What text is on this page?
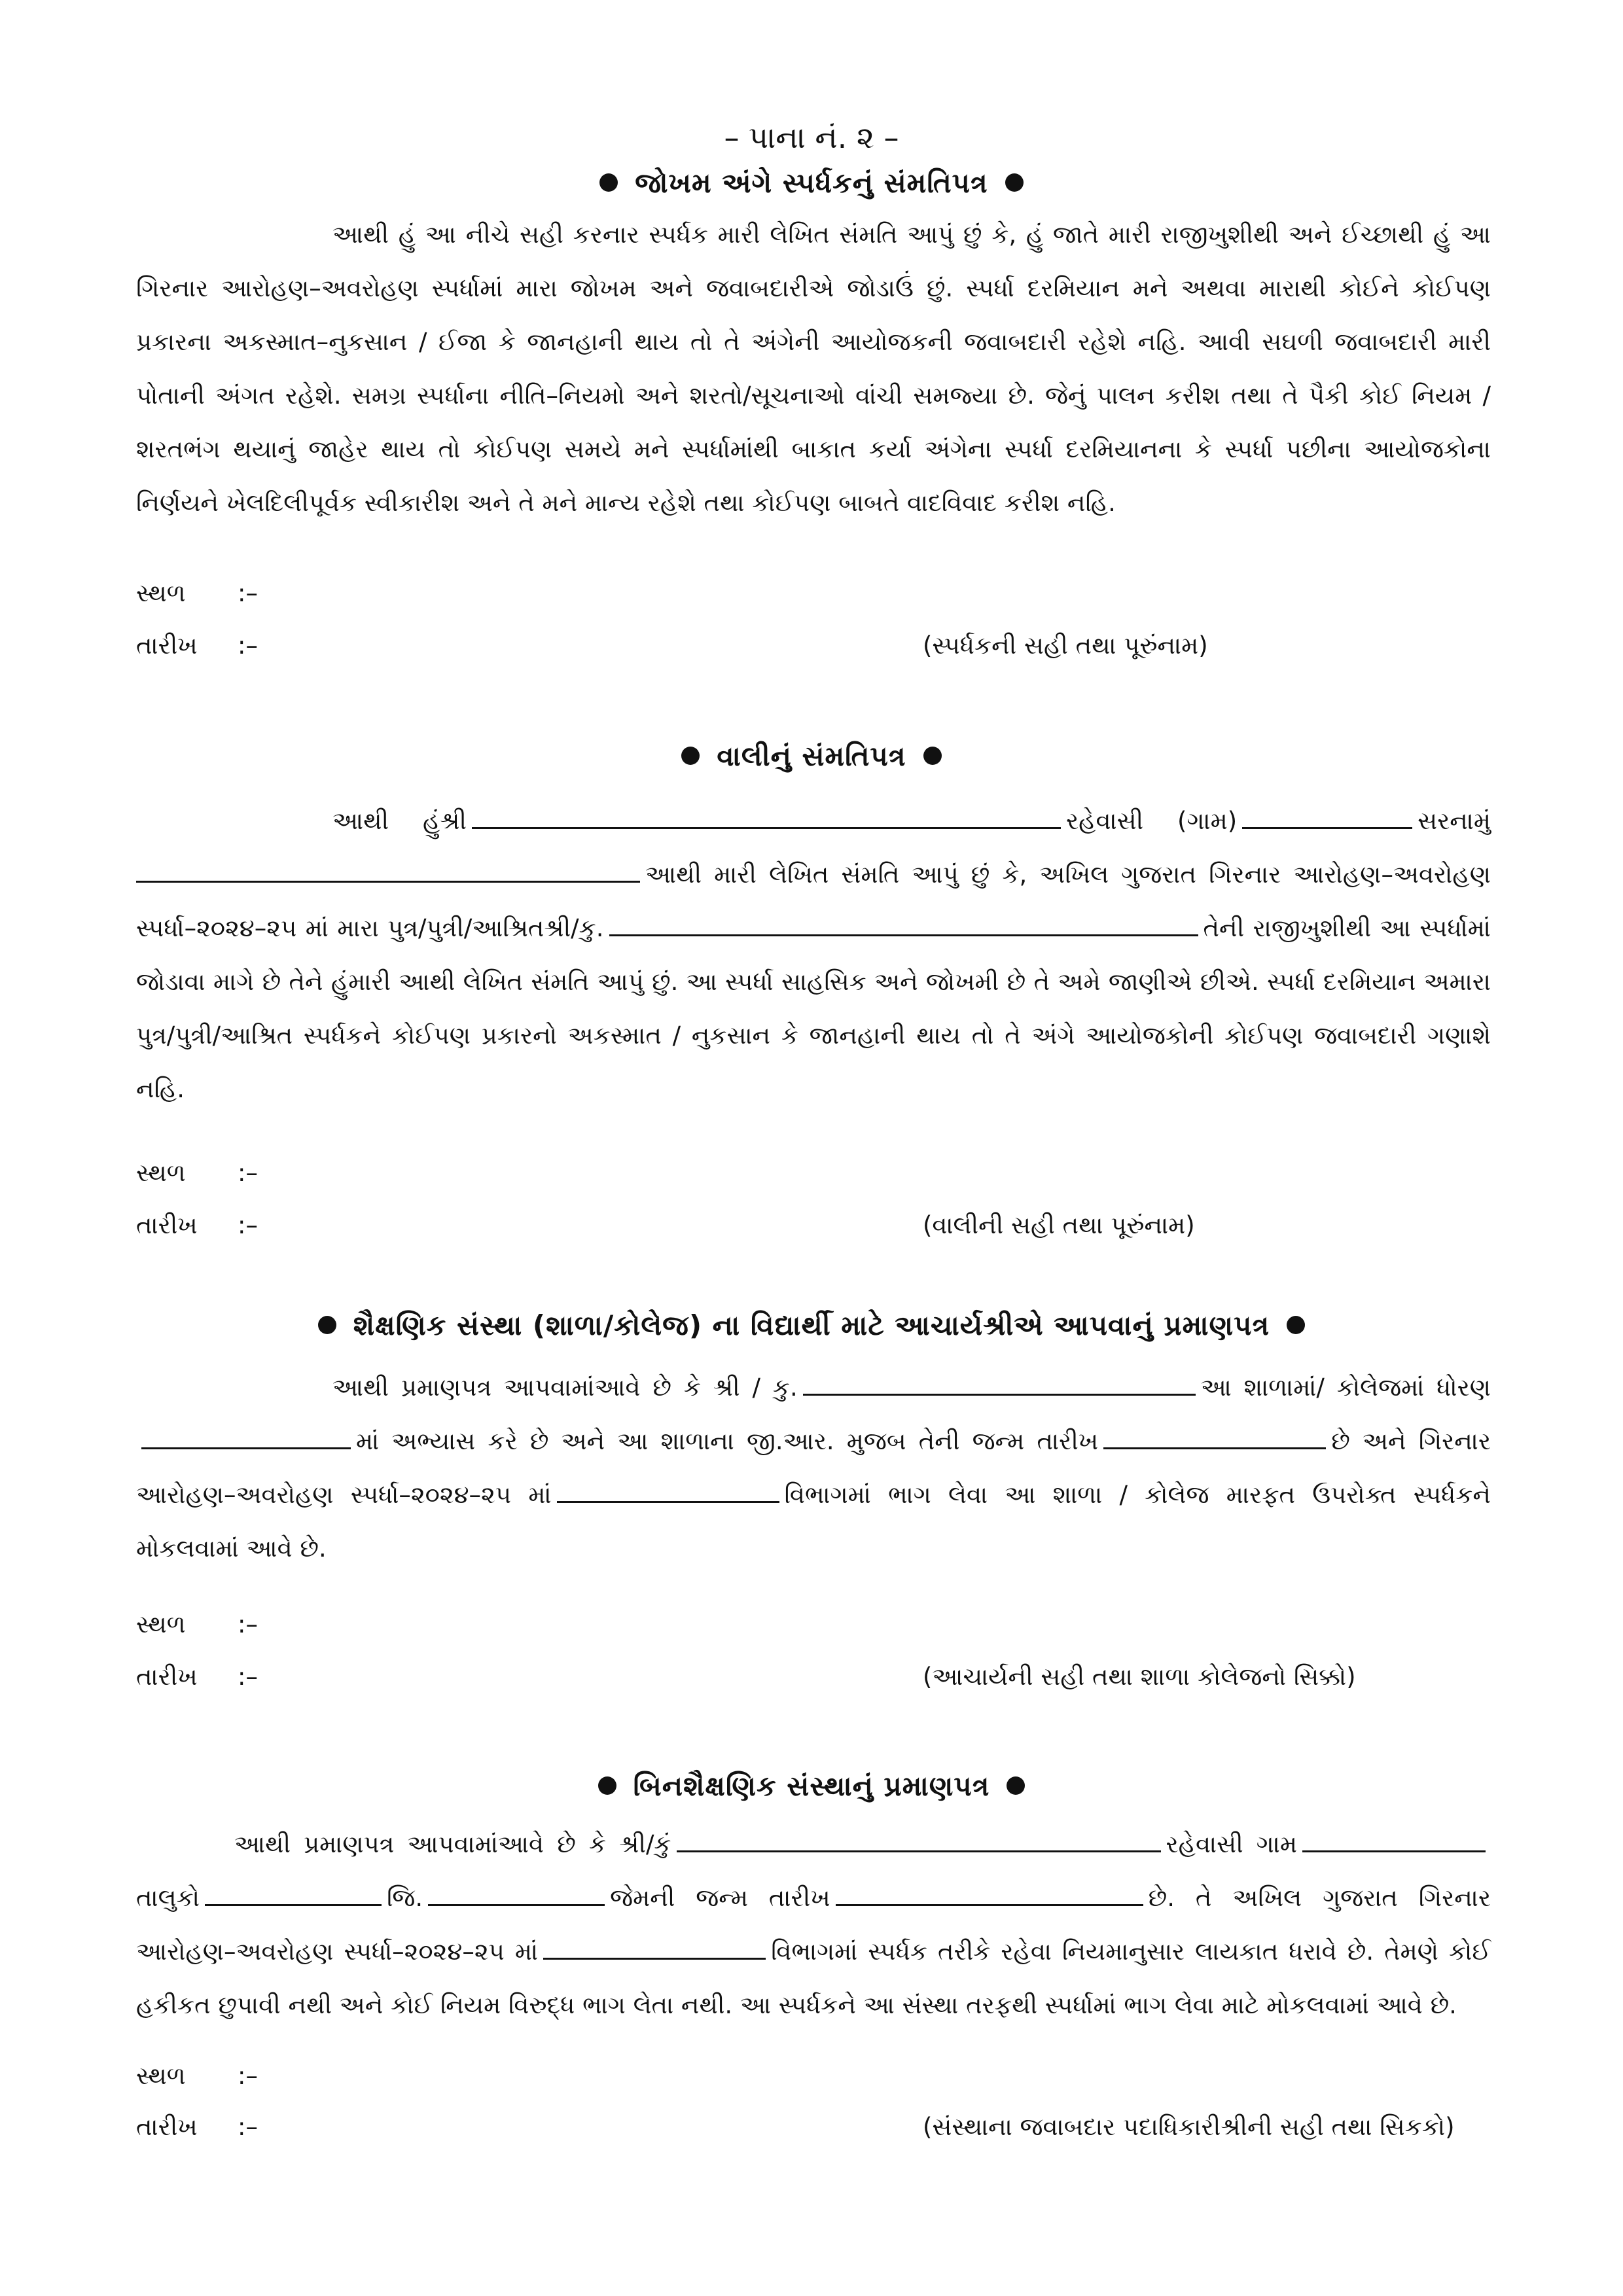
– પાના નં. ૨ –
જોખમ અંગે સ્પર્ધકનું સંમતિપત્ર
આથી હું આ નીચે સહી કરનાર સ્પર્ધક મારી લેખિત સંમતિ આપું છું કે, હું જાતે મારી રાજીખુશીથી અને ઈચ્છાથી હું આ ગિરનાર આરોહણ–અવરોહણ સ્પર્ધામાં મારા જોખમ અને જવાબદારીએ જોડાઉં છું. સ્પર્ધા દરમિયાન મને અથવા મારાથી કોઈને કોઈપણ પ્રકારના અકસ્માત–નુકસાન / ઈજા કે જાનહાની થાય તો તે અંગેની આયોજકની જવાબદારી રહેશે નહિ. આવી સઘળી જવાબદારી મારી પોતાની અંગત રહેશે. સમગ્ર સ્પર્ધાના નીતિ–નિયમો અને શરતો/સૂચનાઓ વાંચી સમજ્યા છે. જેનું પાલન કરીશ તથા તે પૈકી કોઈ નિયમ / શરતભંગ થયાનું જાહેર થાય તો કોઈપણ સમયે મને સ્પર્ધામાંથી બાકાત કર્યા અંગેના સ્પર્ધા દરમિયાનના કે સ્પર્ધા પછીના આયોજકોના નિર્ણયને ખેલદિલીપૂર્વક સ્વીકારીશ અને તે મને માન્ય રહેશે તથા કોઈપણ બાબતે વાદવિવાદ કરીશ નહિ.
સ્થળ :–
તારીખ :–	(સ્પર્ધકની સહી તથા પૂરુંનામ)
વાલીનું સંમતિપત્ર
આથી હુંશ્રી	રહેવાસી (ગામ)	સરનામું આથી મારી લેખિત સંમતિ આપું છું કે, અખિલ ગુજરાત ગિરનાર આરોહણ–અવરોહણ સ્પર્ધા–૨૦૨૪–૨૫ માં મારા પુત્ર/પુત્રી/આશ્રિતશ્રી/કુ.	તેની રાજીખુશીથી આ સ્પર્ધામાં જોડાવા માગે છે તેને હુંમારી આથી લેખિત સંમતિ આપું છું. આ સ્પર્ધા સાહસિક અને જોખમી છે તે અમે જાણીએ છીએ. સ્પર્ધા દરમિયાન અમારા પુત્ર/પુત્રી/આશ્રિત સ્પર્ધકને કોઈપણ પ્રકારનો અકસ્માત / નુકસાન કે જાનહાની થાય તો તે અંગે આયોજકોની કોઈપણ જવાબદારી ગણાશે નહિ.
સ્થળ :–
તારીખ :–	(વાલીની સહી તથા પૂરુંનામ)
શૈક્ષણિક સંસ્થા (શાળા/કોલેજ) ના વિદ્યાર્થી માટે આચાર્યશ્રીએ આપવાનું પ્રમાણપત્ર
આથી પ્રમાણપત્ર આપવામાંઆવે છે કે શ્રી / કુ.	આ શાળામાં/ કોલેજમાં ધોરણમાં અભ્યાસ કરે છે અને આ શાળાના જી.આર. મુજબ તેની જન્મ તારીખ	છે અને ગિરનાર આરોહણ–અવરોહણ સ્પર્ધા–૨૦૨૪–૨૫ માં	વિભાગમાં ભાગ લેવા આ શાળા / કોલેજ મારફત ઉપરોક્ત સ્પર્ધકને મોકલવામાં આવે છે.
સ્થળ :–
તારીખ :–	(આચાર્યની સહી તથા શાળા કોલેજનો સિક્કો)
બિનશૈક્ષણિક સંસ્થાનું પ્રમાણપત્ર
આથી પ્રમાણપત્ર આપવામાંઆવે છે કે શ્રી/કું	રહેવાસી ગામતાલુકો	જિ.	જેમની જન્મ તારીખ	છે. તે અખિલ ગુજરાત ગિરનાર આરોહણ–અવરોહણ સ્પર્ધા–૨૦૨૪–૨૫ માં	વિભાગમાં સ્પર્ધક તરીકે રહેવા નિયમાનુસાર લાયકાત ધરાવે છે. તેમણે કોઈ હકીકત છુપાવી નથી અને કોઈ નિયમ વિરુદ્ધ ભાગ લેતા નથી. આ સ્પર્ધકને આ સંસ્થા તરફથી સ્પર્ધામાં ભાગ લેવા માટે મોકલવામાં આવે છે.
સ્થળ :–
તારીખ :–	(સંસ્થાના જવાબદાર પદાધિકારીશ્રીની સહી તથા સિકકો)
